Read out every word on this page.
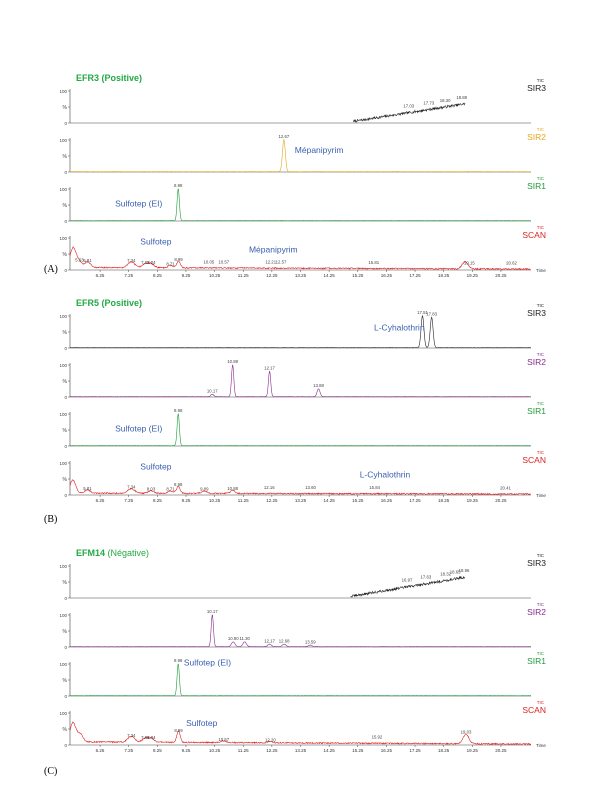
(A)
(B)
(C)
EFR3 (Positive)
100
%
0
17.03
17.73
18.30
18.88
TIC
SIR3
100
%
0
12.67
Mépanipyrim
TIC
SIR2
100
%
0
8.98
Sulfotep (EI)
TIC
SIR1
100
%
0
5.53 5.81	7.34 7.83
8.04	8.71
8.99	10.05 10.57	12.21 12.57	15.81	19.15	20.62
Sulfotep
Mépanipyrim
TIC
SCAN
6.25	7.25	8.25	9.25	10.25	11.25	12.25	13.25	14.25	15.25	16.25	17.25	18.25	19.25	20.25
Time
EFR5 (Positive)
100
%
0
17.51
17.83
L-Cyhalothrin
TIC
SIR3
100
%
0
10.17
10.88
12.17
13.88
TIC
SIR2
100
%
0
8.98
Sulfotep (EI)
TIC
SIR1
100
%
0
5.81	7.34	8.03	8.71
8.98
9.89	10.88	12.16	13.60	15.84	20.41
Sulfotep
L-Cyhalothrin
TIC
SCAN
6.25	7.25	8.25	9.25	10.25	11.25	12.25	13.25	14.25	15.25	16.25	17.25	18.25	19.25	20.25
Time
EFM14 (Négative)
100
%
0
16.97
17.63
18.32
18.65
18.96
TIC
SIR3
100
%
0
10.17
10.90 11.30	12.17 12.68	13.59
TIC
SIR2
100
%
0
8.98 Sulfotep (EI)
TIC
SIR1
100
%
0
7.34 7.83
8.04
8.99
10.57	12.20
15.92
19.03
Sulfotep
TIC
SCAN
6.25	7.25	8.25	9.25	10.25	11.25	12.25	13.25	14.25	15.25	16.25	17.25	18.25	19.25	20.25
Time
